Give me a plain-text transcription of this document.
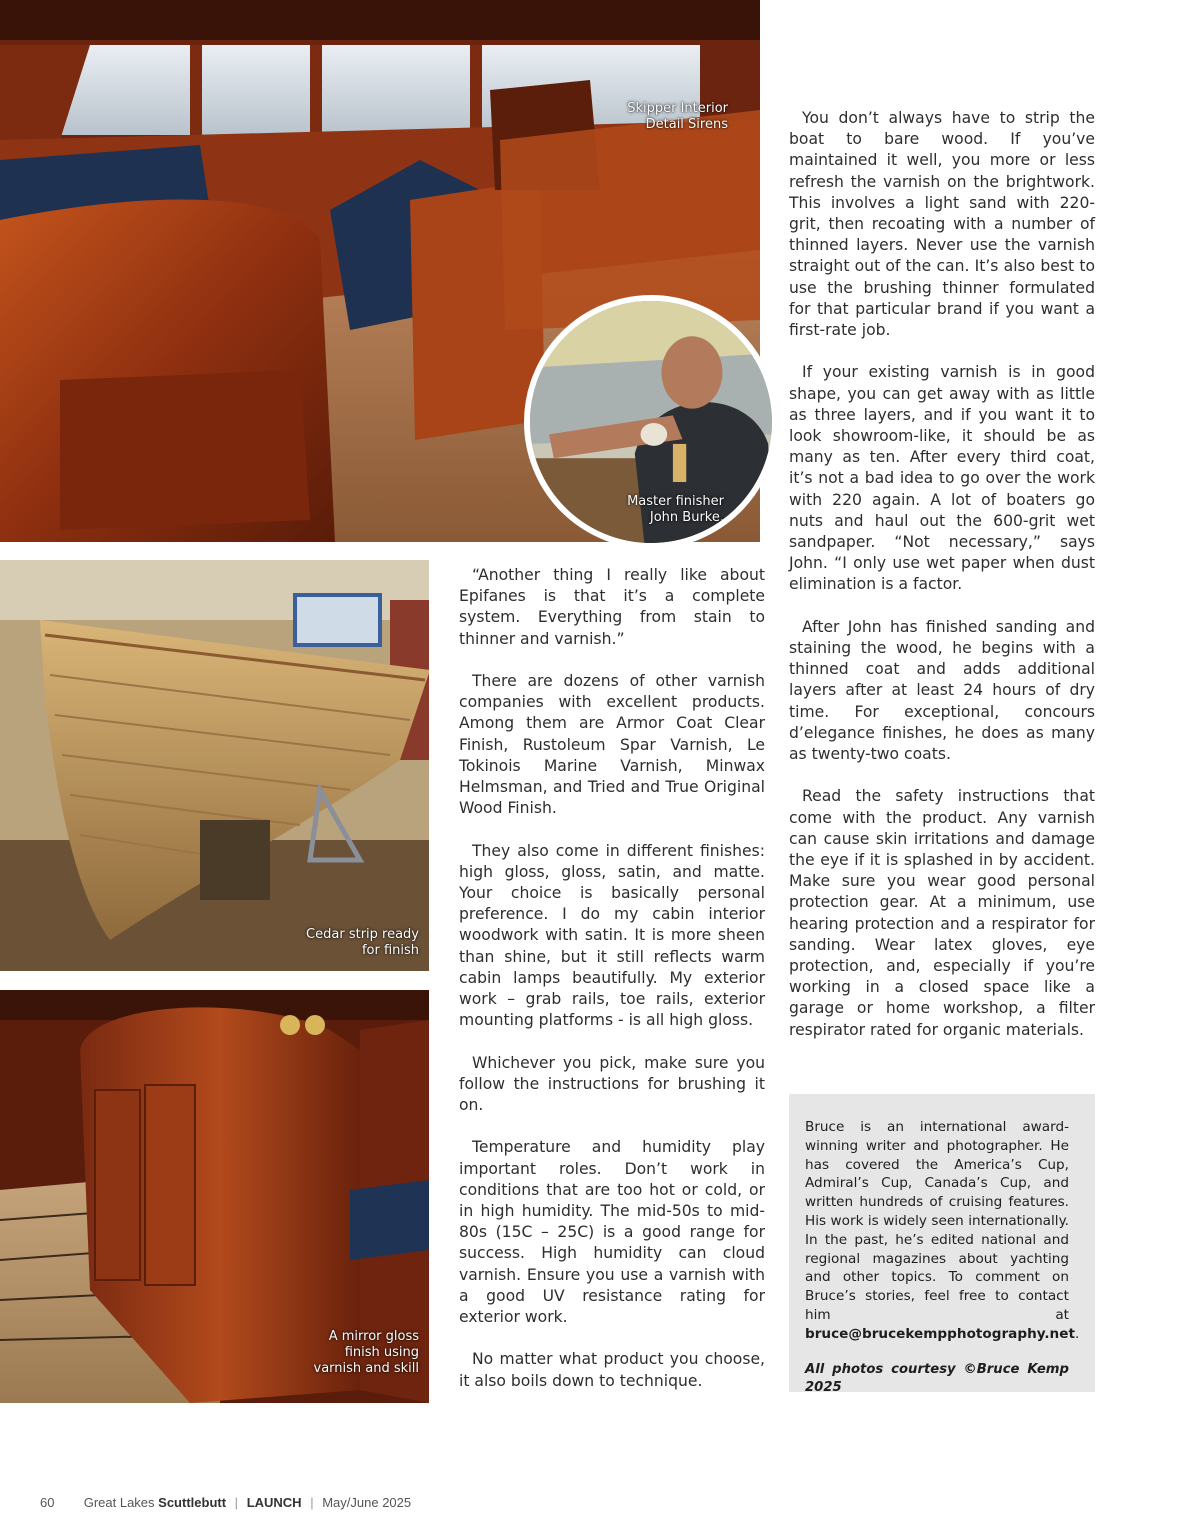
Skipper Interior
Detail Sirens
Master finisher
John Burke.
Cedar strip ready
for finish
A mirror gloss
finish using
varnish and skill

“Another thing I really like about Epifanes is that it’s a complete system. Everything from stain to thinner and varnish.”

There are dozens of other varnish companies with excellent products. Among them are Armor Coat Clear Finish, Rustoleum Spar Varnish, Le Tokinois Marine Varnish, Minwax Helmsman, and Tried and True Original Wood Finish.

They also come in different finishes: high gloss, gloss, satin, and matte. Your choice is basically personal preference. I do my cabin interior woodwork with satin. It is more sheen than shine, but it still reflects warm cabin lamps beautifully. My exterior work – grab rails, toe rails, exterior mounting platforms - is all high gloss.

Whichever you pick, make sure you follow the instructions for brushing it on.

Temperature and humidity play important roles. Don’t work in conditions that are too hot or cold, or in high humidity. The mid-50s to mid-80s (15C – 25C) is a good range for success. High humidity can cloud varnish. Ensure you use a varnish with a good UV resistance rating for exterior work.

No matter what product you choose, it also boils down to technique.

You don’t always have to strip the boat to bare wood. If you’ve maintained it well, you more or less refresh the varnish on the brightwork. This involves a light sand with 220-grit, then recoating with a number of thinned layers. Never use the varnish straight out of the can. It’s also best to use the brushing thinner formulated for that particular brand if you want a first-rate job.

If your existing varnish is in good shape, you can get away with as little as three layers, and if you want it to look showroom-like, it should be as many as ten. After every third coat, it’s not a bad idea to go over the work with 220 again. A lot of boaters go nuts and haul out the 600-grit wet sandpaper. “Not necessary,” says John. “I only use wet paper when dust elimination is a factor.

After John has finished sanding and staining the wood, he begins with a thinned coat and adds additional layers after at least 24 hours of dry time. For exceptional, concours d’elegance finishes, he does as many as twenty-two coats.

Read the safety instructions that come with the product. Any varnish can cause skin irritations and damage the eye if it is splashed in by accident. Make sure you wear good personal protection gear. At a minimum, use hearing protection and a respirator for sanding. Wear latex gloves, eye protection, and, especially if you’re working in a closed space like a garage or home workshop, a filter respirator rated for organic materials.

Bruce is an international award-winning writer and photographer. He has covered the America’s Cup, Admiral’s Cup, Canada’s Cup, and written hundreds of cruising features. His work is widely seen internationally. In the past, he’s edited national and regional magazines about yachting and other topics. To comment on Bruce’s stories, feel free to contact him at bruce@brucekempphotography.net.

All photos courtesy ©Bruce Kemp 2025

60 Great Lakes Scuttlebutt | LAUNCH | May/June 2025
